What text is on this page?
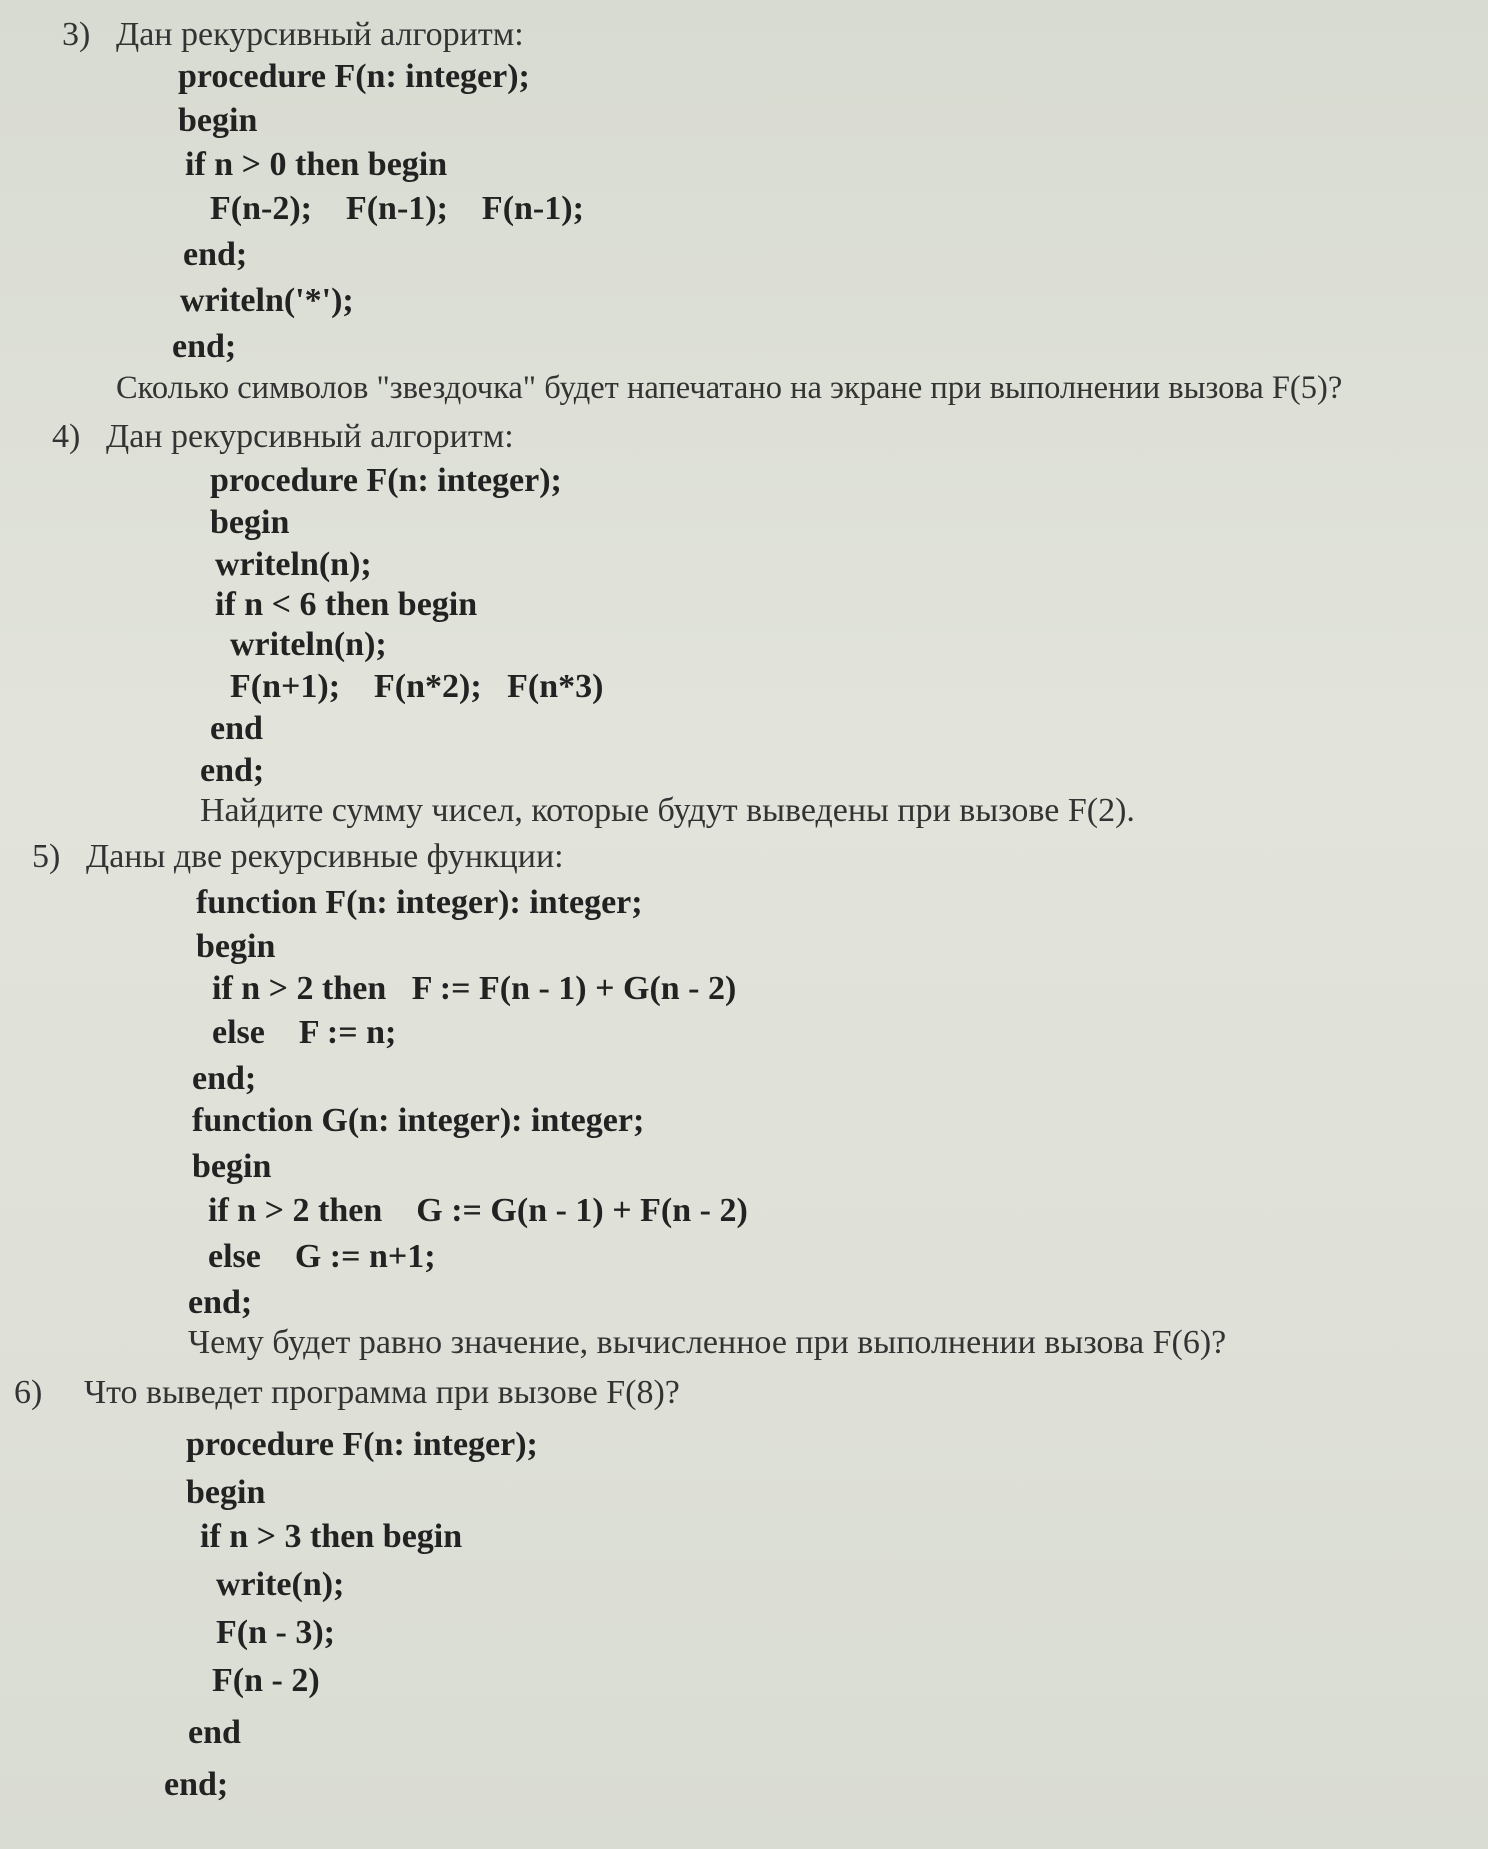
3) Дан рекурсивный алгоритм:
procedure F(n: integer);
begin
if n > 0 then begin
F(n-2);    F(n-1);    F(n-1);
end;
writeln('*');
end;
Сколько символов "звездочка" будет напечатано на экране при выполнении вызова F(5)?
4) Дан рекурсивный алгоритм:
procedure F(n: integer);
begin
writeln(n);
if n < 6 then begin
writeln(n);
F(n+1);    F(n*2);   F(n*3)
end
end;
Найдите сумму чисел, которые будут выведены при вызове F(2).
5) Даны две рекурсивные функции:
function F(n: integer): integer;
begin
if n > 2 then   F := F(n - 1) + G(n - 2)
else    F := n;
end;
function G(n: integer): integer;
begin
if n > 2 then    G := G(n - 1) + F(n - 2)
else    G := n+1;
end;
Чему будет равно значение, вычисленное при выполнении вызова F(6)?
6) Что выведет программа при вызове F(8)?
procedure F(n: integer);
begin
if n > 3 then begin
write(n);
F(n - 3);
F(n - 2)
end
end;
